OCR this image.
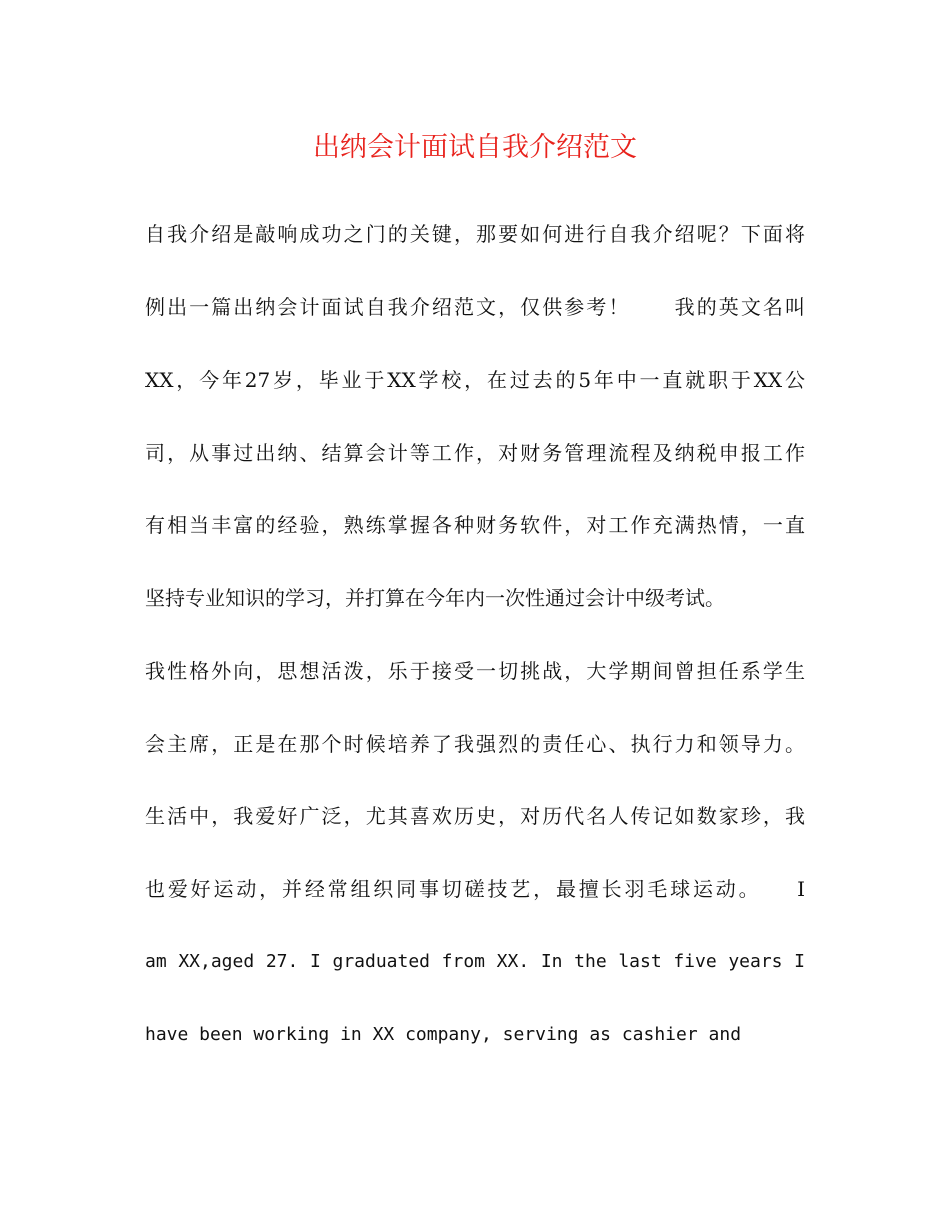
出纳会计面试自我介绍范文

自我介绍是敲响成功之门的关键，那要如何进行自我介绍呢？下面将

例出一篇出纳会计面试自我介绍范文，仅供参考！　　我的英文名叫

XX，今年27岁，毕业于XX学校，在过去的5年中一直就职于XX公

司，从事过出纳、结算会计等工作，对财务管理流程及纳税申报工作

有相当丰富的经验，熟练掌握各种财务软件，对工作充满热情，一直

坚持专业知识的学习，并打算在今年内一次性通过会计中级考试。

我性格外向，思想活泼，乐于接受一切挑战，大学期间曾担任系学生

会主席，正是在那个时候培养了我强烈的责任心、执行力和领导力。

生活中，我爱好广泛，尤其喜欢历史，对历代名人传记如数家珍，我

也爱好运动，并经常组织同事切磋技艺，最擅长羽毛球运动。　　I

am XX,aged 27. I graduated from XX. In the last five years I

have been working in XX company, serving as cashier and
